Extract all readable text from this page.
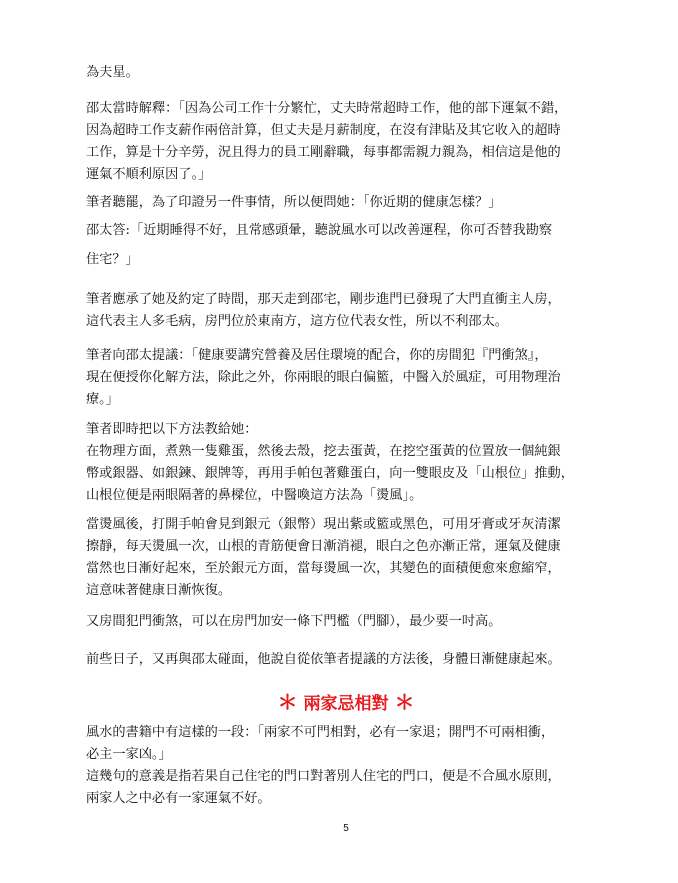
為夫星。

邵太當時解釋：「因為公司工作十分繁忙，丈夫時常超時工作，他的部下運氣不錯，
因為超時工作支薪作兩倍計算，但丈夫是月薪制度，在沒有津貼及其它收入的超時
工作，算是十分辛勞，況且得力的員工剛辭職，每事都需親力親為，相信這是他的
運氣不順利原因了。」

筆者聽罷，為了印證另一件事情，所以便問她：「你近期的健康怎樣？」

邵太答:「近期睡得不好，且常感頭暈，聽說風水可以改善運程，你可否替我勘察

住宅？」

筆者應承了她及約定了時間，那天走到邵宅，剛步進門已發現了大門直衝主人房，
這代表主人多毛病，房門位於東南方，這方位代表女性，所以不利邵太。

筆者向邵太提議：「健康要講究營養及居住環境的配合，你的房間犯『門衝煞』，
現在便授你化解方法，除此之外，你兩眼的眼白偏籃，中醫入於風症，可用物理治
療。」

筆者即時把以下方法教給她：
在物理方面，煮熟一隻雞蛋，然後去殼，挖去蛋黃，在挖空蛋黃的位置放一個純銀
幣或銀器、如銀鍊、銀牌等，再用手帕包著雞蛋白，向一雙眼皮及「山根位」推動，
山根位便是兩眼隔著的鼻樑位，中醫喚這方法為「燙風」。

當燙風後，打開手帕會見到銀元（銀幣）現出紫或籃或黑色，可用牙膏或牙灰清潔
擦靜，每天燙風一次，山根的青筋便會日漸消褪，眼白之色亦漸正常，運氣及健康
當然也日漸好起來，至於銀元方面，當每燙風一次，其變色的面積便愈來愈縮窄，
這意味著健康日漸恢復。

又房間犯門衝煞，可以在房門加安一條下門檻（門腳），最少要一吋高。

前些日子，又再與邵太碰面，他說自從依筆者提議的方法後，身體日漸健康起來。

＊ 兩家忌相對 ＊

風水的書籍中有這樣的一段：「兩家不可門相對，必有一家退；開門不可兩相衝，
必主一家凶。」
這幾句的意義是指若果自己住宅的門口對著別人住宅的門口，便是不合風水原則，
兩家人之中必有一家運氣不好。

5
